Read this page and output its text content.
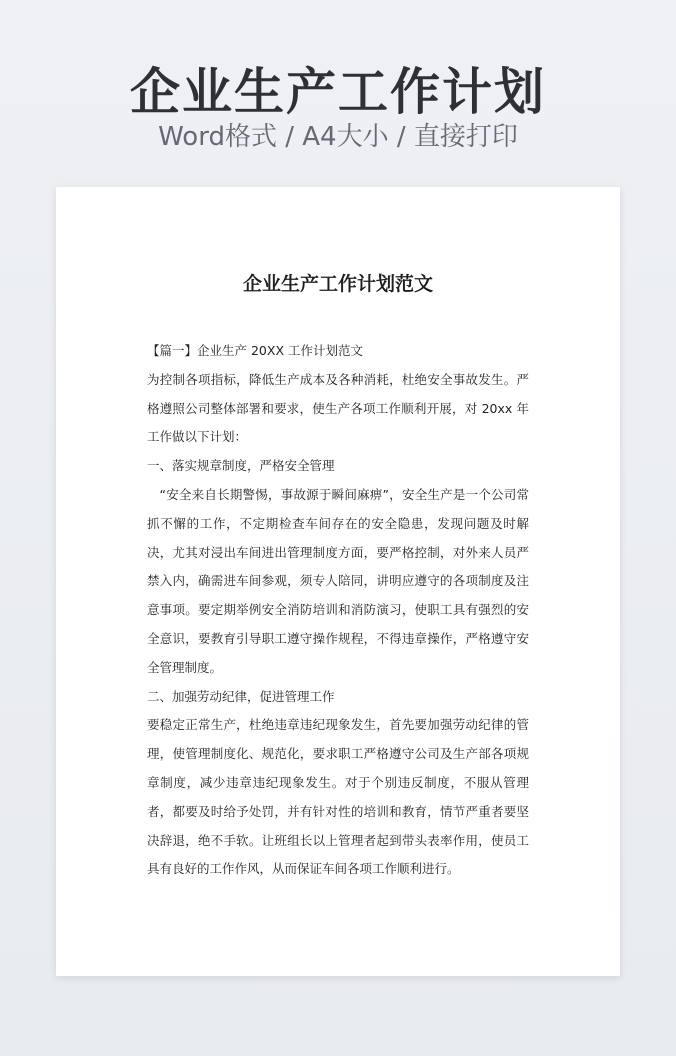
企业生产工作计划
Word格式 / A4大小 / 直接打印
企业生产工作计划范文

【篇一】企业生产 20XX 工作计划范文

为控制各项指标，降低生产成本及各种消耗，杜绝安全事故发生。严格遵照公司整体部署和要求，使生产各项工作顺利开展，对 20xx 年工作做以下计划：

一、落实规章制度，严格安全管理

“安全来自长期警惕，事故源于瞬间麻痹”，安全生产是一个公司常抓不懈的工作，不定期检查车间存在的安全隐患，发现问题及时解决，尤其对浸出车间进出管理制度方面，要严格控制，对外来人员严禁入内，确需进车间参观，须专人陪同，讲明应遵守的各项制度及注意事项。要定期举例安全消防培训和消防演习，使职工具有强烈的安全意识，要教育引导职工遵守操作规程，不得违章操作，严格遵守安全管理制度。

二、加强劳动纪律，促进管理工作

要稳定正常生产，杜绝违章违纪现象发生，首先要加强劳动纪律的管理，使管理制度化、规范化，要求职工严格遵守公司及生产部各项规章制度，减少违章违纪现象发生。对于个别违反制度，不服从管理者，都要及时给予处罚，并有针对性的培训和教育，情节严重者要坚决辞退，绝不手软。让班组长以上管理者起到带头表率作用，使员工具有良好的工作作风，从而保证车间各项工作顺利进行。
